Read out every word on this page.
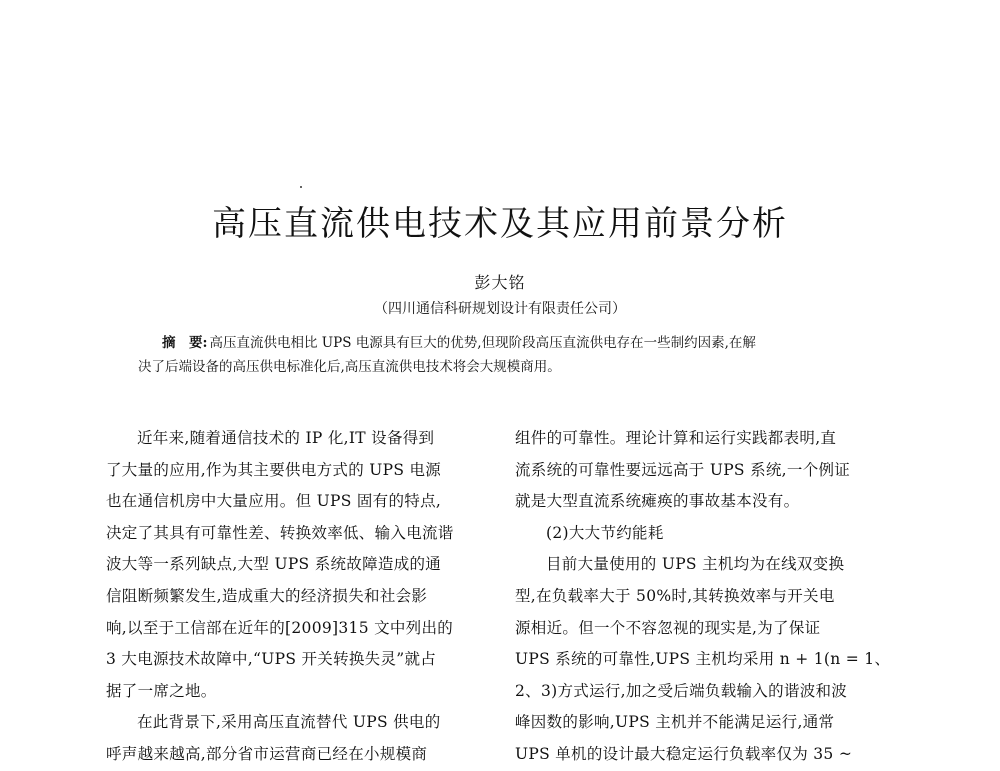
高压直流供电技术及其应用前景分析
彭大铭
（四川通信科研规划设计有限责任公司）

摘　要: 高压直流供电相比 UPS 电源具有巨大的优势,但现阶段高压直流供电存在一些制约因素,在解

决了后端设备的高压供电标准化后,高压直流供电技术将会大规模商用。

近年来,随着通信技术的 IP 化,IT 设备得到

了大量的应用,作为其主要供电方式的 UPS 电源

也在通信机房中大量应用。但 UPS 固有的特点,

决定了其具有可靠性差、转换效率低、输入电流谐

波大等一系列缺点,大型 UPS 系统故障造成的通

信阻断频繁发生,造成重大的经济损失和社会影

响,以至于工信部在近年的[2009]315 文中列出的

3 大电源技术故障中,“UPS 开关转换失灵”就占

据了一席之地。

在此背景下,采用高压直流替代 UPS 供电的

呼声越来越高,部分省市运营商已经在小规模商

组件的可靠性。理论计算和运行实践都表明,直

流系统的可靠性要远远高于 UPS 系统,一个例证

就是大型直流系统瘫痪的事故基本没有。

(2)大大节约能耗

目前大量使用的 UPS 主机均为在线双变换

型,在负载率大于 50%时,其转换效率与开关电

源相近。但一个不容忽视的现实是,为了保证

UPS 系统的可靠性,UPS 主机均采用 n + 1(n = 1、

2、3)方式运行,加之受后端负载输入的谐波和波

峰因数的影响,UPS 主机并不能满足运行,通常

UPS 单机的设计最大稳定运行负载率仅为 35 ~
